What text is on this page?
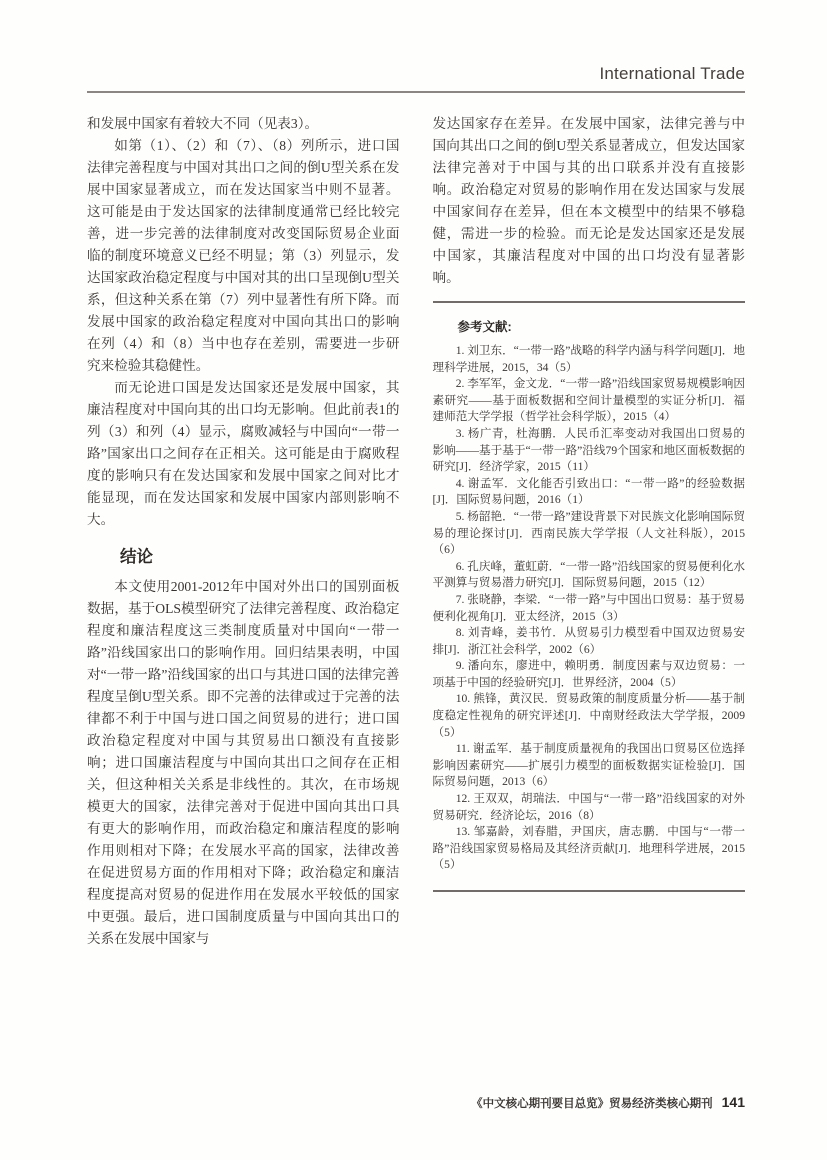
International Trade

和发展中国家有着较大不同（见表3）。

如第（1）、（2）和（7）、（8）列所示，进口国法律完善程度与中国对其出口之间的倒U型关系在发展中国家显著成立，而在发达国家当中则不显著。这可能是由于发达国家的法律制度通常已经比较完善，进一步完善的法律制度对改变国际贸易企业面临的制度环境意义已经不明显；第（3）列显示，发达国家政治稳定程度与中国对其的出口呈现倒U型关系，但这种关系在第（7）列中显著性有所下降。而发展中国家的政治稳定程度对中国向其出口的影响在列（4）和（8）当中也存在差别，需要进一步研究来检验其稳健性。

而无论进口国是发达国家还是发展中国家，其廉洁程度对中国向其的出口均无影响。但此前表1的列（3）和列（4）显示，腐败减轻与中国向“一带一路”国家出口之间存在正相关。这可能是由于腐败程度的影响只有在发达国家和发展中国家之间对比才能显现，而在发达国家和发展中国家内部则影响不大。

结论

本文使用2001-2012年中国对外出口的国别面板数据，基于OLS模型研究了法律完善程度、政治稳定程度和廉洁程度这三类制度质量对中国向“一带一路”沿线国家出口的影响作用。回归结果表明，中国对“一带一路”沿线国家的出口与其进口国的法律完善程度呈倒U型关系。即不完善的法律或过于完善的法律都不利于中国与进口国之间贸易的进行；进口国政治稳定程度对中国与其贸易出口额没有直接影响；进口国廉洁程度与中国向其出口之间存在正相关，但这种相关关系是非线性的。其次，在市场规模更大的国家，法律完善对于促进中国向其出口具有更大的影响作用，而政治稳定和廉洁程度的影响作用则相对下降；在发展水平高的国家，法律改善在促进贸易方面的作用相对下降；政治稳定和廉洁程度提高对贸易的促进作用在发展水平较低的国家中更强。最后，进口国制度质量与中国向其出口的关系在发展中国家与

发达国家存在差异。在发展中国家，法律完善与中国向其出口之间的倒U型关系显著成立，但发达国家法律完善对于中国与其的出口联系并没有直接影响。政治稳定对贸易的影响作用在发达国家与发展中国家间存在差异，但在本文模型中的结果不够稳健，需进一步的检验。而无论是发达国家还是发展中国家，其廉洁程度对中国的出口均没有显著影响。

参考文献:
1. 刘卫东．“一带一路”战略的科学内涵与科学问题[J]．地理科学进展，2015，34（5）
2. 李军军，金文龙．“一带一路”沿线国家贸易规模影响因素研究——基于面板数据和空间计量模型的实证分析[J]．福建师范大学学报（哲学社会科学版），2015（4）
3. 杨广青，杜海鹏．人民币汇率变动对我国出口贸易的影响——基于基于“一带一路”沿线79个国家和地区面板数据的研究[J]．经济学家，2015（11）
4. 谢孟军．文化能否引致出口：“一带一路”的经验数据[J]．国际贸易问题，2016（1）
5. 杨韶艳．“一带一路”建设背景下对民族文化影响国际贸易的理论探讨[J]．西南民族大学学报（人文社科版），2015（6）
6. 孔庆峰，董虹蔚．“一带一路”沿线国家的贸易便利化水平测算与贸易潜力研究[J]．国际贸易问题，2015（12）
7. 张晓静，李梁．“一带一路”与中国出口贸易：基于贸易便利化视角[J]．亚太经济，2015（3）
8. 刘青峰，姜书竹．从贸易引力模型看中国双边贸易安排[J]．浙江社会科学，2002（6）
9. 潘向东，廖进中，赖明勇．制度因素与双边贸易：一项基于中国的经验研究[J]．世界经济，2004（5）
10. 熊锋，黄汉民．贸易政策的制度质量分析——基于制度稳定性视角的研究评述[J]．中南财经政法大学学报，2009（5）
11. 谢孟军．基于制度质量视角的我国出口贸易区位选择影响因素研究——扩展引力模型的面板数据实证检验[J]．国际贸易问题，2013（6）
12. 王双双，胡瑞法．中国与“一带一路”沿线国家的对外贸易研究．经济论坛，2016（8）
13. 邹嘉龄，刘春腊，尹国庆，唐志鹏．中国与“一带一路”沿线国家贸易格局及其经济贡献[J]．地理科学进展，2015（5）
《中文核心期刊要目总览》贸易经济类核心期刊 141
